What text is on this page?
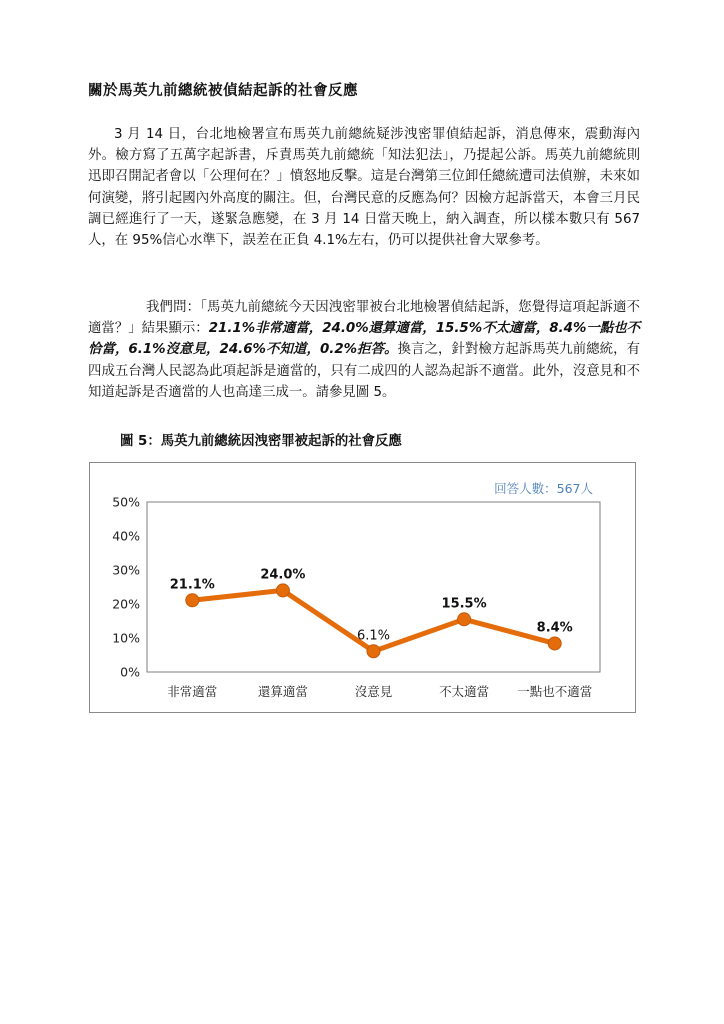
關於馬英九前總統被偵結起訴的社會反應
3 月 14 日，台北地檢署宣布馬英九前總統疑涉洩密罪偵結起訴，消息傳來，震動海內外。檢方寫了五萬字起訴書，斥責馬英九前總統「知法犯法」，乃提起公訴。馬英九前總統則迅即召開記者會以「公理何在？」憤怒地反擊。這是台灣第三位卸任總統遭司法偵辦，未來如何演變，將引起國內外高度的關注。但，台灣民意的反應為何？因檢方起訴當天，本會三月民調已經進行了一天，遂緊急應變，在 3 月 14 日當天晚上，納入調查，所以樣本數只有 567 人，在 95%信心水準下，誤差在正負 4.1%左右，仍可以提供社會大眾參考。
我們問：「馬英九前總統今天因洩密罪被台北地檢署偵結起訴，您覺得這項起訴適不適當？」結果顯示：21.1%非常適當，24.0%還算適當，15.5%不太適當，8.4%一點也不恰當，6.1%沒意見，24.6%不知道，0.2%拒答。換言之，針對檢方起訴馬英九前總統，有四成五台灣人民認為此項起訴是適當的，只有二成四的人認為起訴不適當。此外，沒意見和不知道起訴是否適當的人也高達三成一。請參見圖 5。
圖 5：馬英九前總統因洩密罪被起訴的社會反應
0%
10%
20%
30%
40%
50%
非常適當	還算適當	沒意見	不太適當 一點也不適當
21.1%
24.0%
6.1%
15.5%
8.4%
回答人數：567人
